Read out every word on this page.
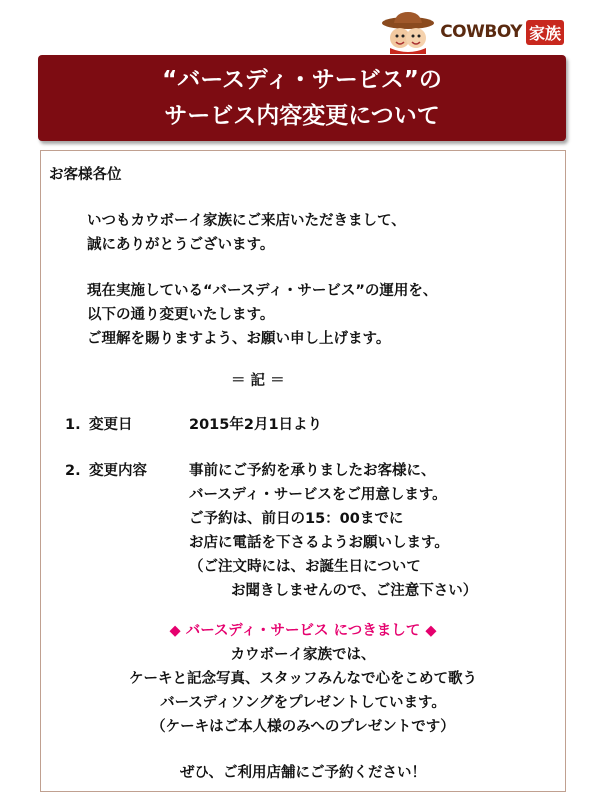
COWBOY 家族
“バースディ・サービス”の
サービス内容変更について
お客様各位
いつもカウボーイ家族にご来店いただきまして、
誠にありがとうございます。
現在実施している“バースディ・サービス”の運用を、
以下の通り変更いたします。
ご理解を賜りますよう、お願い申し上げます。
＝ 記 ＝
1. 変更日	2015年2月1日より
2. 変更内容	事前にご予約を承りましたお客様に、
バースディ・サービスをご用意します。
ご予約は、前日の15：00までに
お店に電話を下さるようお願いします。
（ご注文時には、お誕生日について
お聞きしませんので、ご注意下さい）
◆ バースディ・サービス につきまして ◆
カウボーイ家族では、
ケーキと記念写真、スタッフみんなで心をこめて歌う
バースディソングをプレゼントしています。
（ケーキはご本人様のみへのプレゼントです）
ぜひ、ご利用店舗にご予約ください！
